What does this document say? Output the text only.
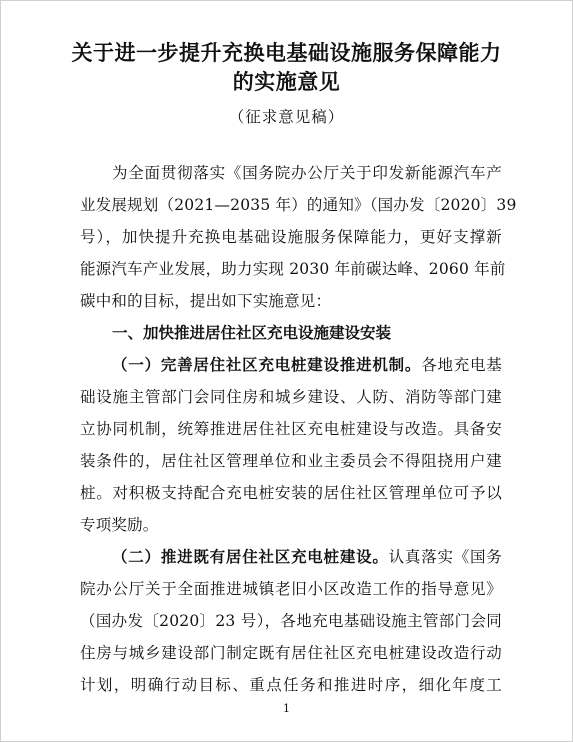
关于进一步提升充换电基础设施服务保障能力
的实施意见
（征求意见稿）
为全面贯彻落实《国务院办公厅关于印发新能源汽车产
业发展规划（2021—2035 年）的通知》（国办发〔2020〕39
号），加快提升充换电基础设施服务保障能力，更好支撑新
能源汽车产业发展，助力实现 2030 年前碳达峰、2060 年前
碳中和的目标，提出如下实施意见：
一、加快推进居住社区充电设施建设安装
（一）完善居住社区充电桩建设推进机制。各地充电基
础设施主管部门会同住房和城乡建设、人防、消防等部门建
立协同机制，统筹推进居住社区充电桩建设与改造。具备安
装条件的，居住社区管理单位和业主委员会不得阻挠用户建
桩。对积极支持配合充电桩安装的居住社区管理单位可予以
专项奖励。
（二）推进既有居住社区充电桩建设。认真落实《国务
院办公厅关于全面推进城镇老旧小区改造工作的指导意见》
（国办发〔2020〕23 号），各地充电基础设施主管部门会同
住房与城乡建设部门制定既有居住社区充电桩建设改造行动
计划，明确行动目标、重点任务和推进时序，细化年度工
1
